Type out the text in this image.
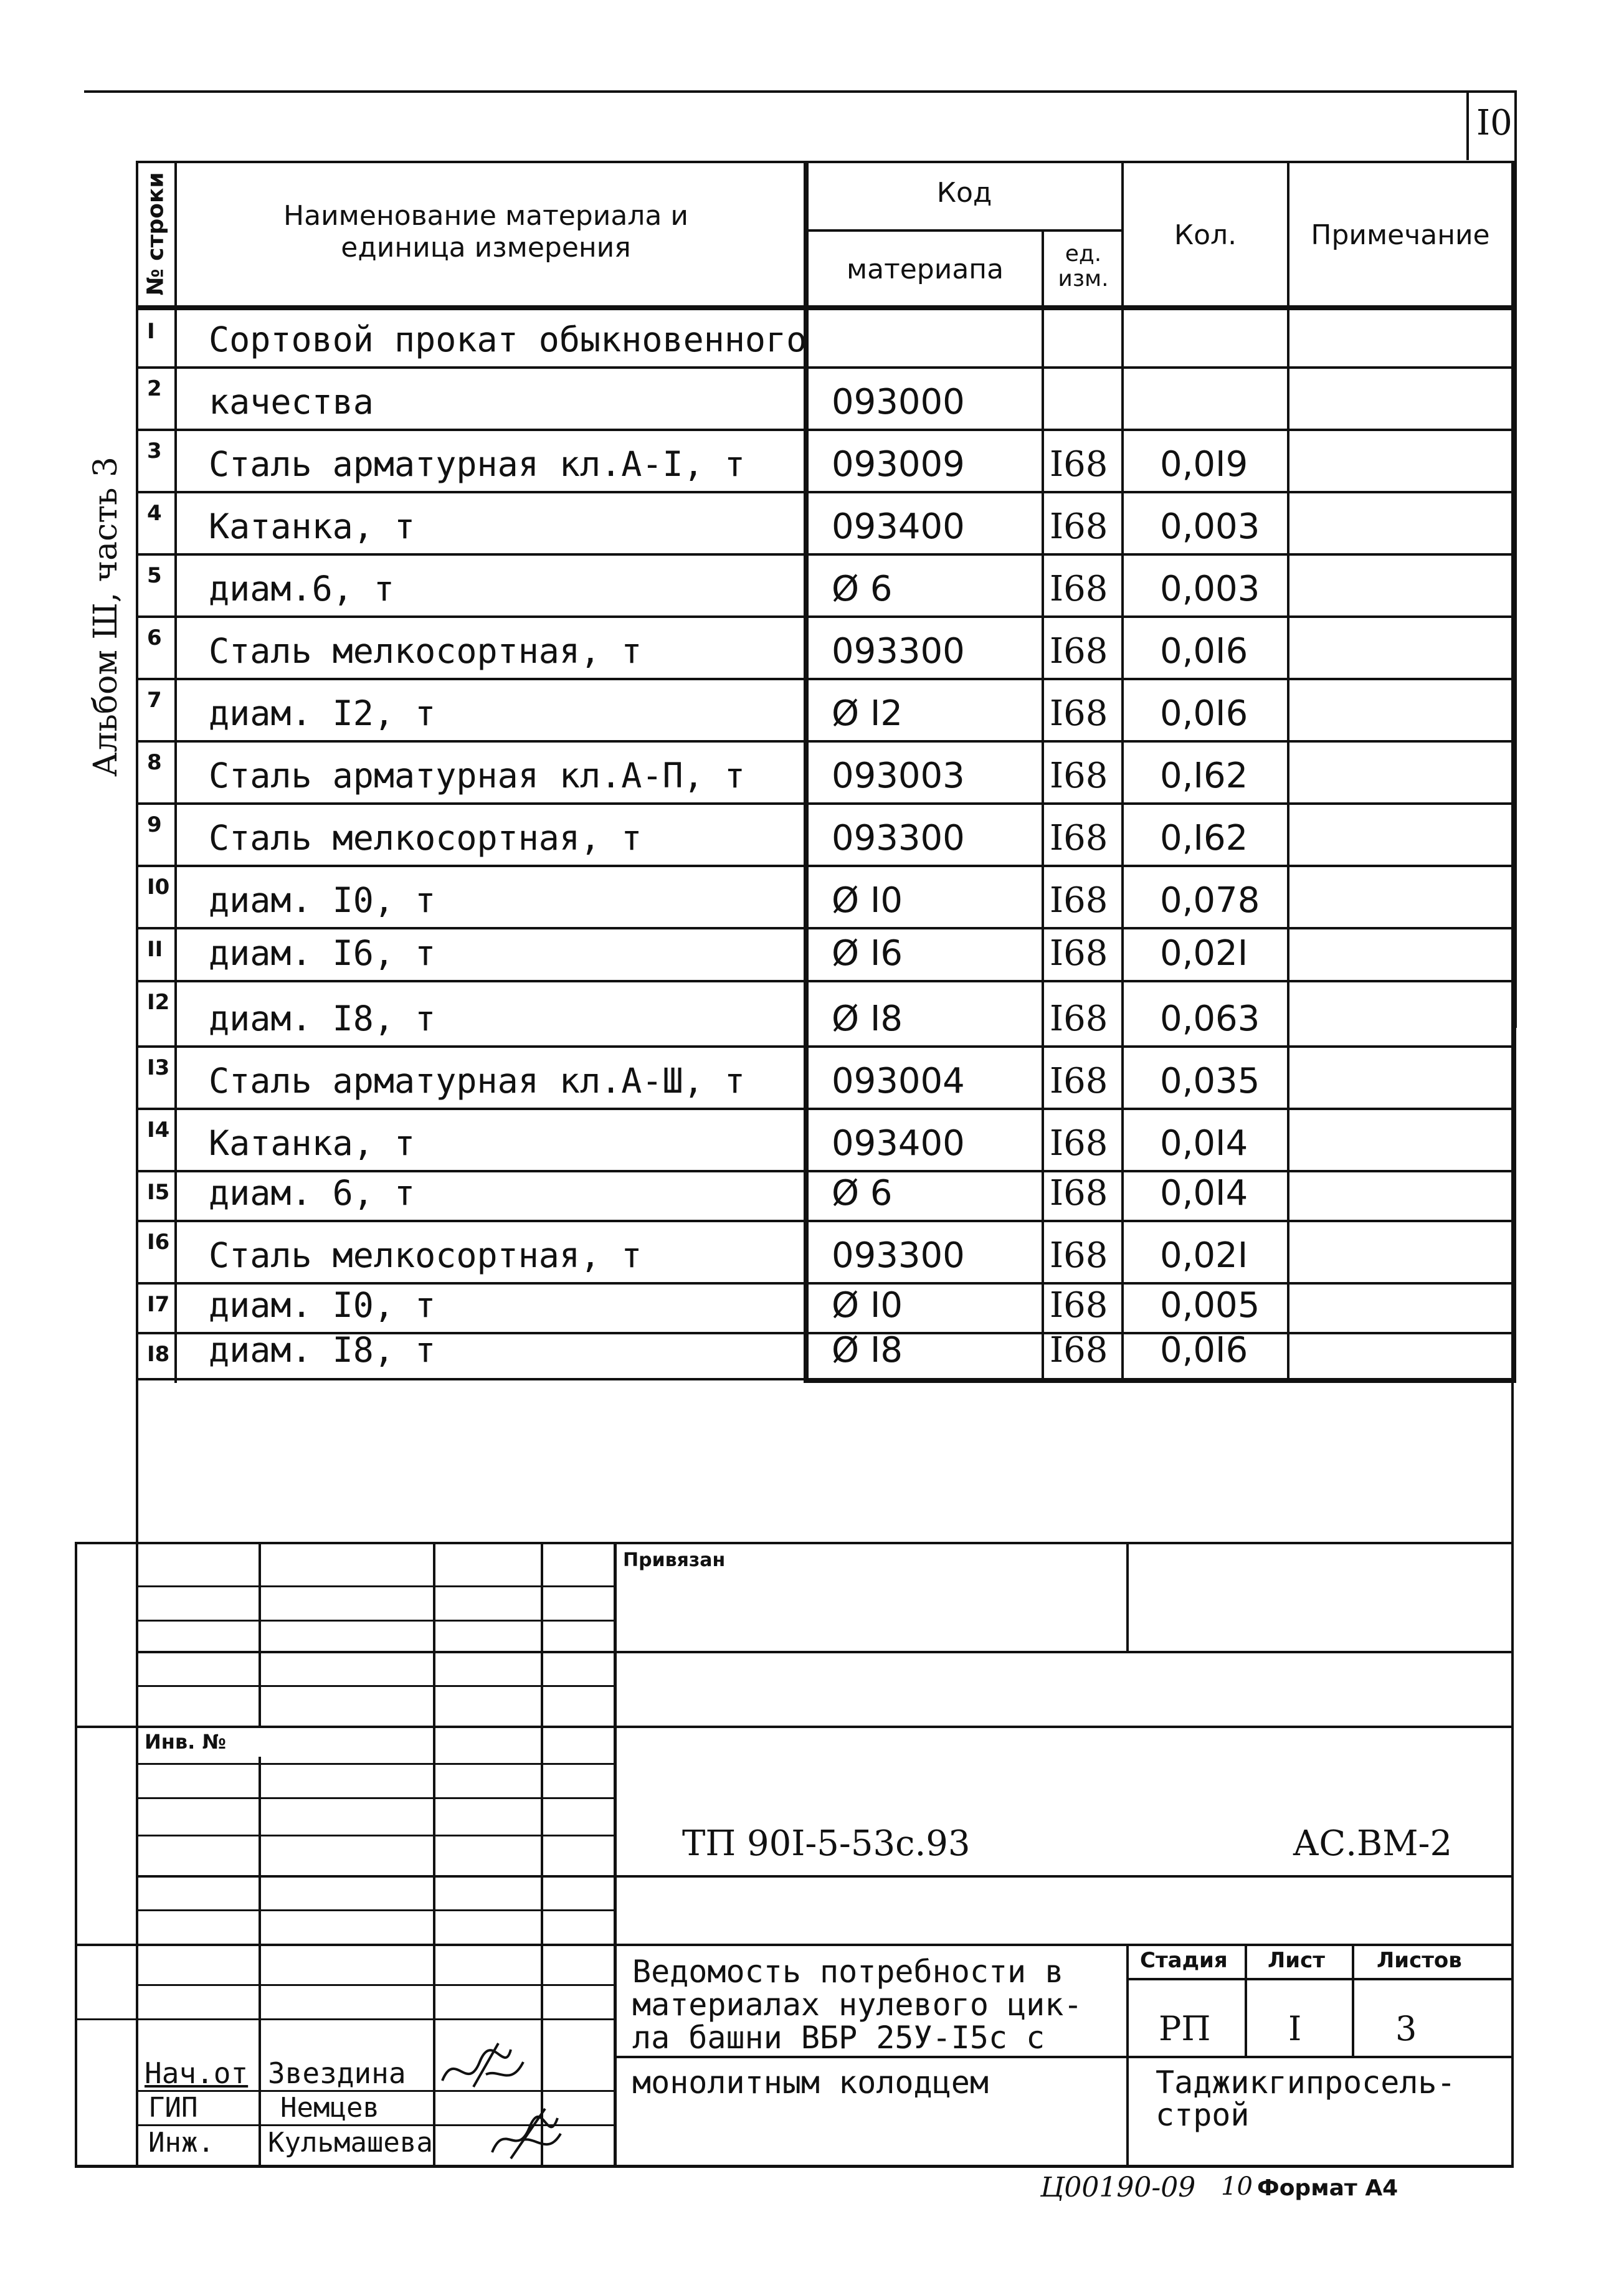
I0
Альбом Ш, часть 3
№ строки	Наименование материала и единица измерения
Код
материапа	ед. изм.
Кол.	Примечание
I Сортовой прокат обыкновенного
2 качества	093000
3 Сталь арматурная кл.А-I, т 093009 I68 0,0I9
4 Катанка, т	093400 I68 0,003
5 диам.6, т	Ø 6	I68 0,003
6 Сталь мелкосортная, т	093300 I68 0,0I6
7 диам. I2, т	Ø I2	I68 0,0I6
8 Сталь арматурная кл.А-П, т 093003 I68 0,I62
9 Сталь мелкосортная, т	093300 I68 0,I62
I0 диам. I0, т	Ø I0	I68 0,078
II диам. I6, т	Ø I6	I68 0,02I
I2 диам. I8, т	Ø I8	I68 0,063
I3 Сталь арматурная кл.А-Ш, т 093004 I68 0,035
I4 Катанка, т	093400 I68 0,0I4
I5 диам. 6, т	Ø 6	I68 0,0I4
I6 Сталь мелкосортная, т	093300 I68 0,02I
I7 диам. I0, т	Ø I0	I68 0,005
I8 диам. I8, т	Ø I8	I68 0,0I6
Привязан
Инв. №
ТП 90I-5-53с.93	АС.ВМ-2
Ведомость потребности в
материалах нулевого цик-
ла башни ВБР 25У-I5с с
монолитным колодцем
Стадия Лист Листов
РП I	3
Таджикгипросель-
строй
Нач.от Звездина
ГИП	Немцев
Инж. Кульмашева
Ц00190-09 10 Формат А4
